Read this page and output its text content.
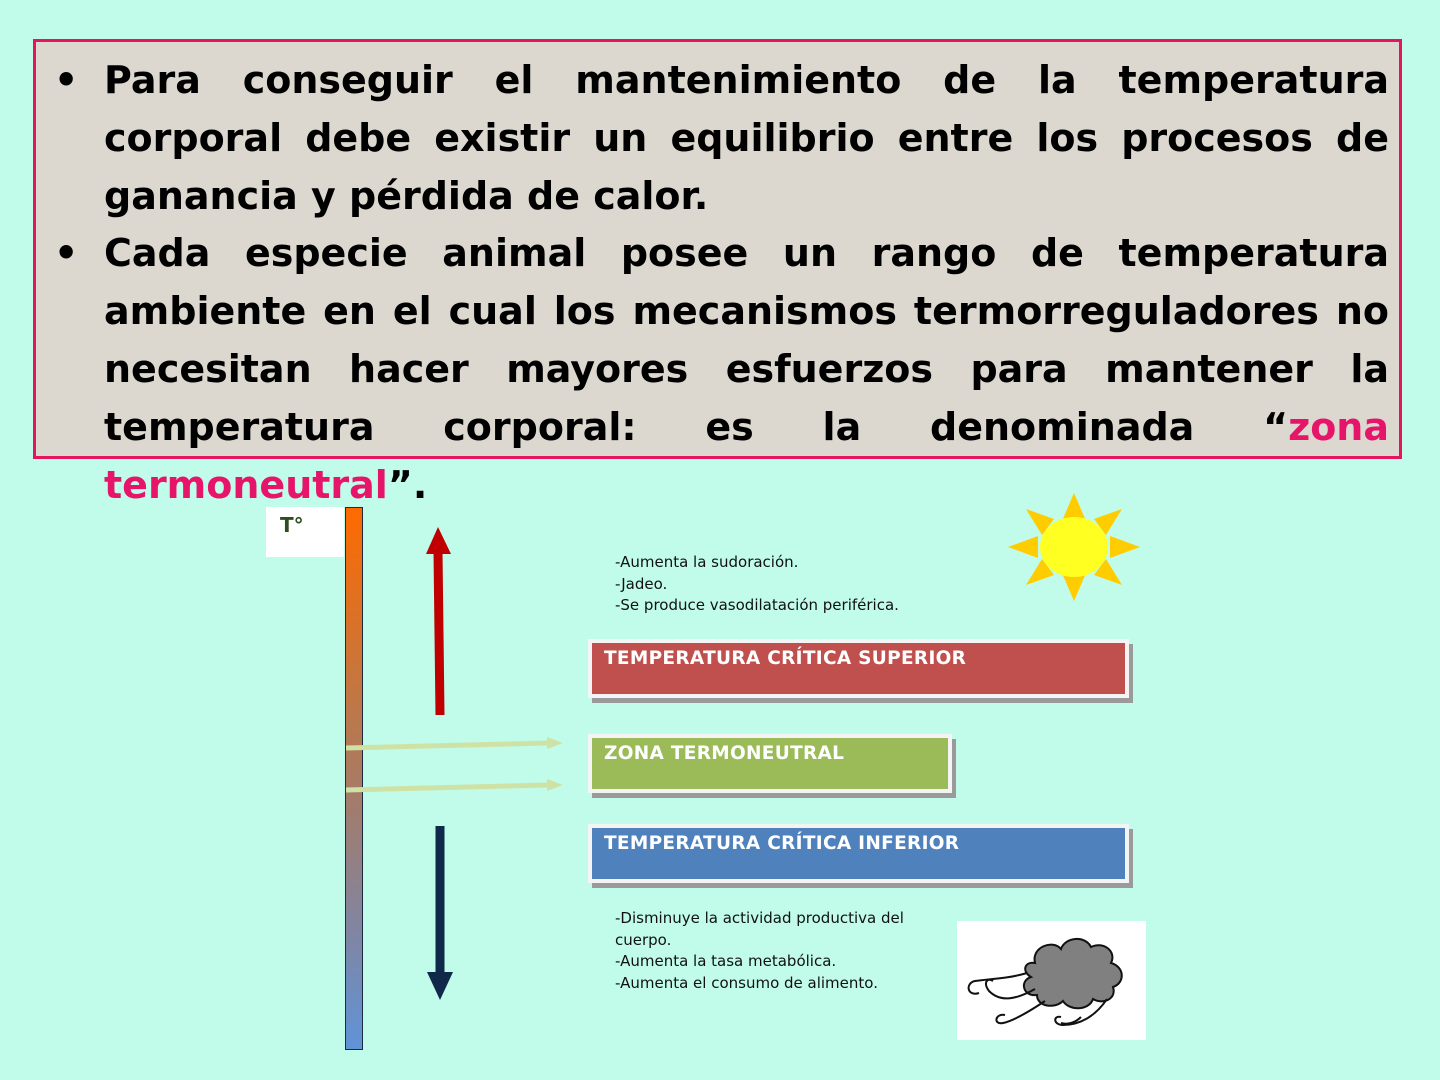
• Para conseguir el mantenimiento de la temperatura corporal debe existir un equilibrio entre los procesos de ganancia y pérdida de calor.
• Cada especie animal posee un rango de temperatura ambiente en el cual los mecanismos termorreguladores no necesitan hacer mayores esfuerzos para mantener la temperatura corporal: es la denominada “zona termoneutral”.
T°
-Aumenta la sudoración.
-Jadeo.
-Se produce vasodilatación periférica.
TEMPERATURA CRÍTICA SUPERIOR
ZONA TERMONEUTRAL
TEMPERATURA CRÍTICA INFERIOR
-Disminuye la actividad productiva del cuerpo.
-Aumenta la tasa metabólica.
-Aumenta el consumo de alimento.
